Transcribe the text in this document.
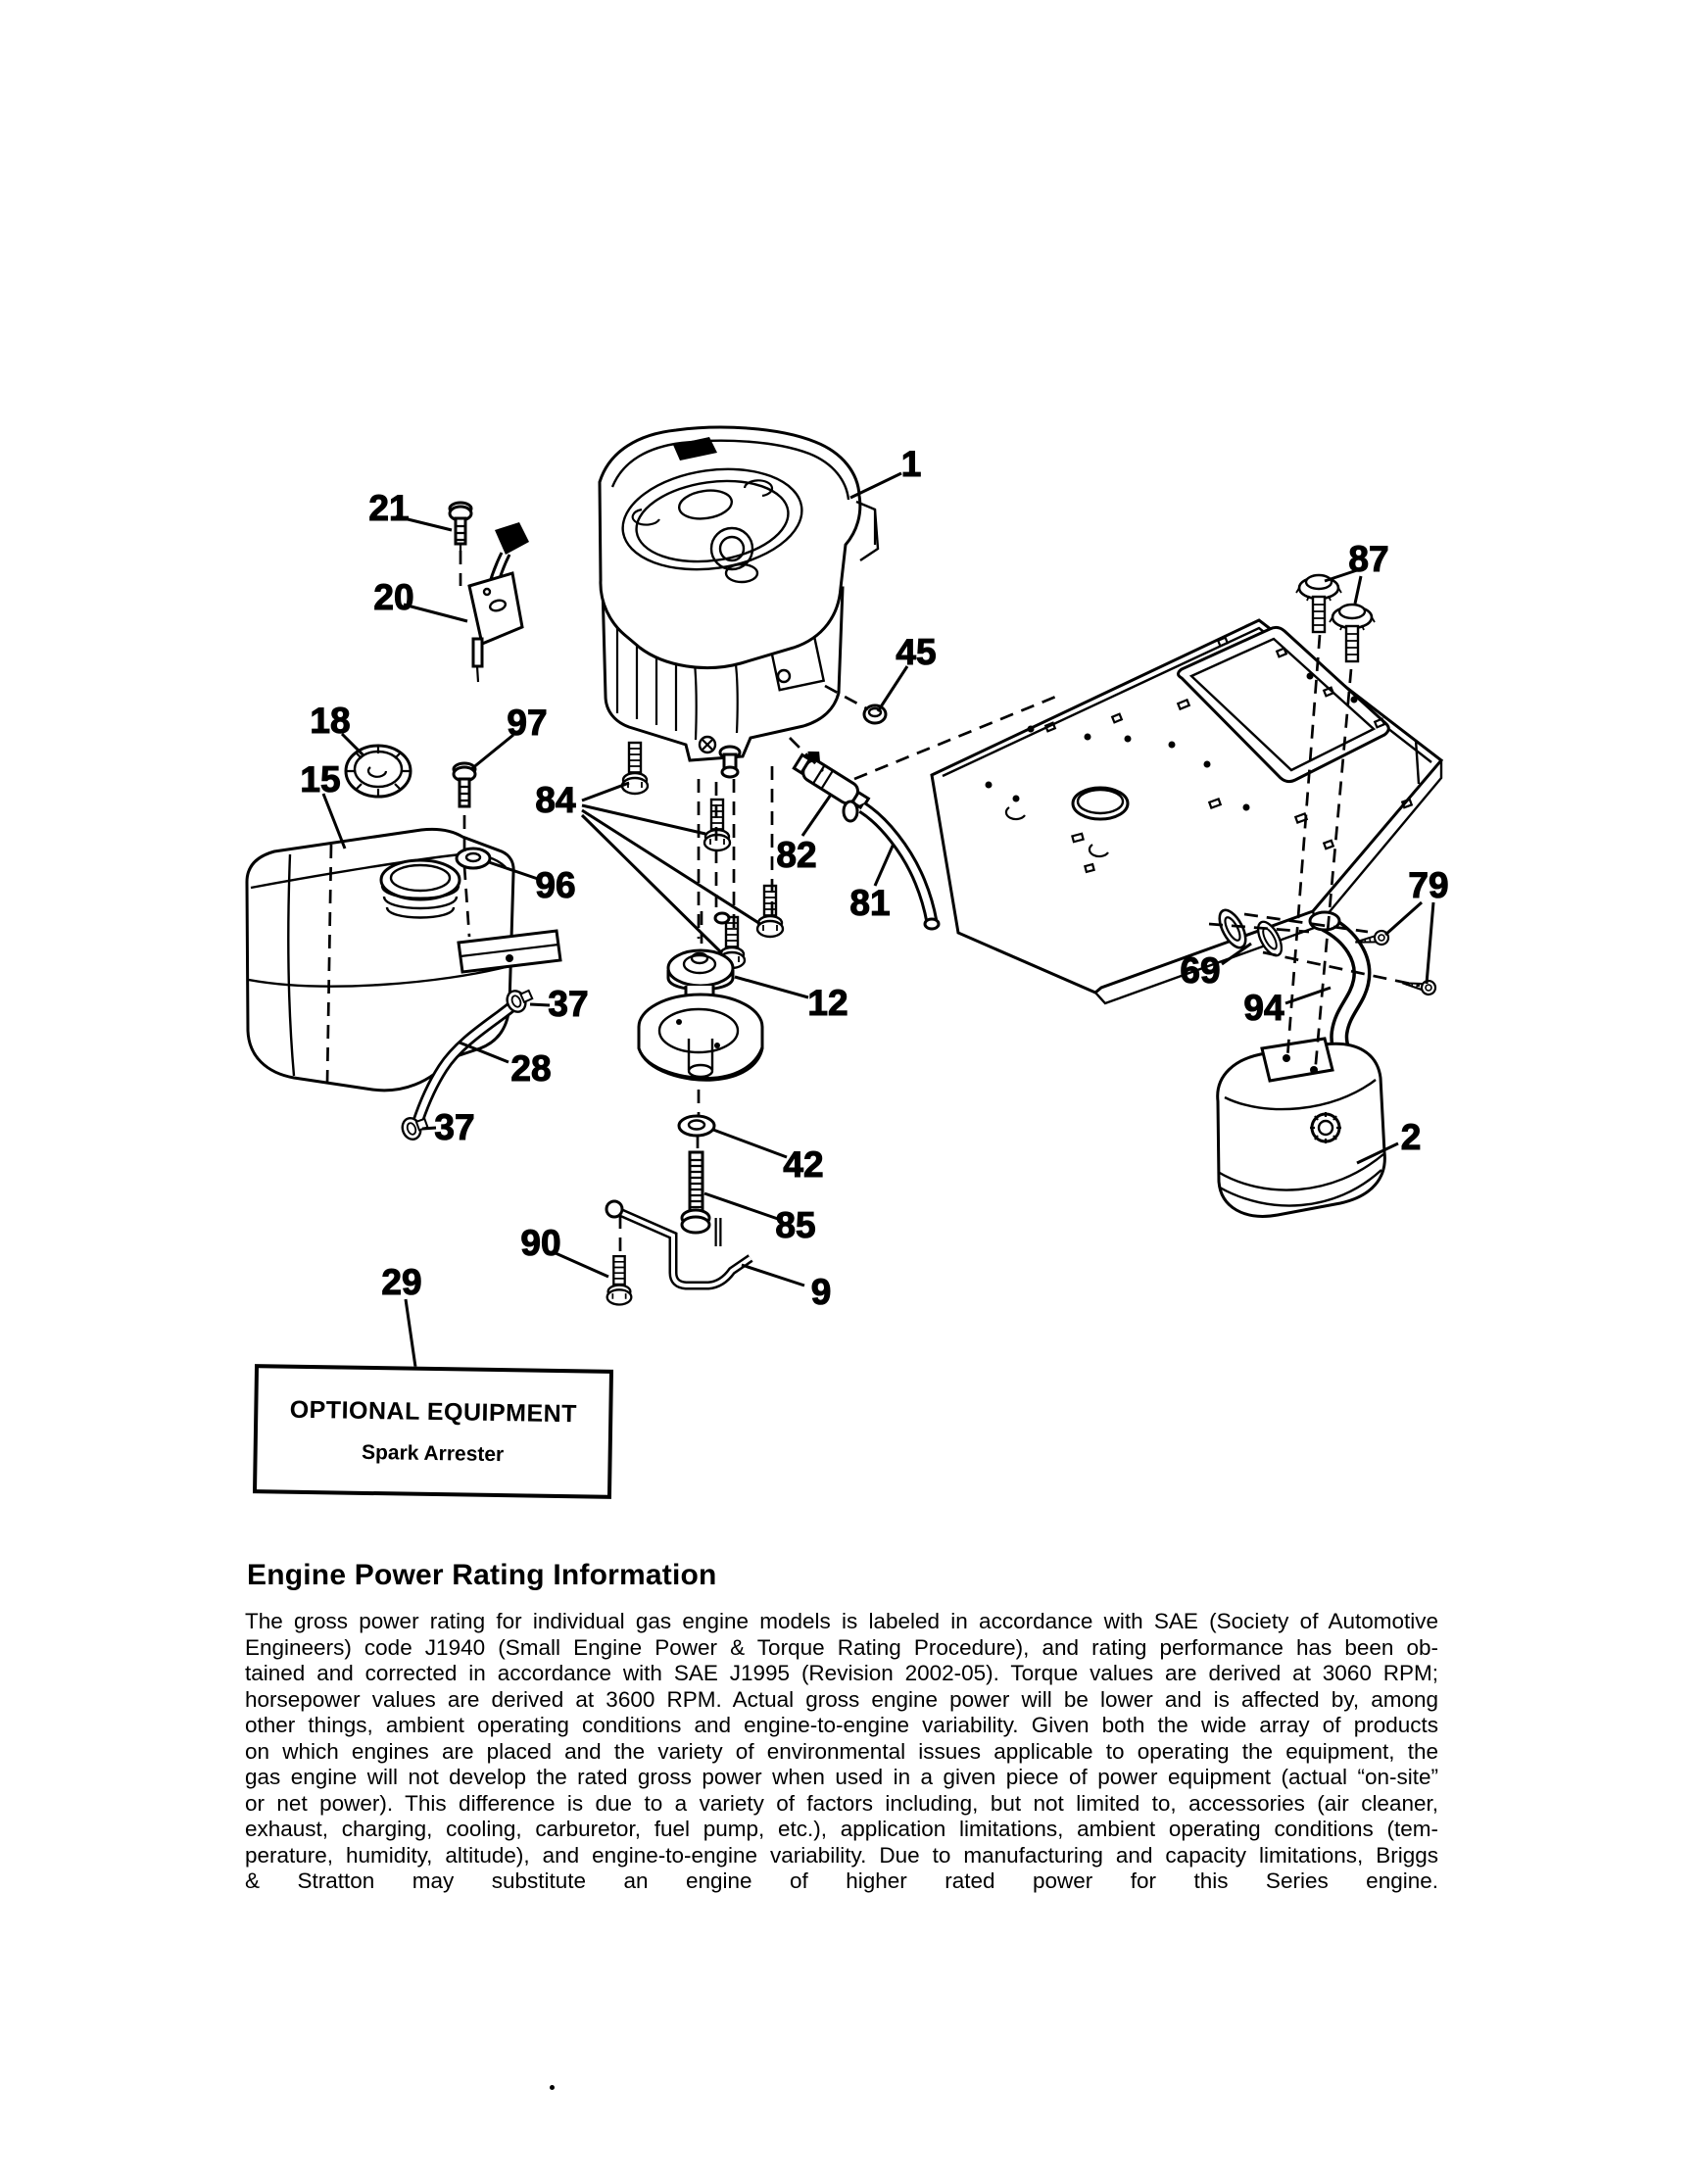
1
21
20
45
87
18	97
15
84
96
82
81
37
28
37
12
42
85
90
9
29
79
69
94
2
OPTIONAL EQUIPMENT
Spark Arrester
Engine Power Rating Information
The gross power rating for individual gas engine models is labeled in accordance with SAE (Society of Automotive
Engineers) code J1940 (Small Engine Power & Torque Rating Procedure), and rating performance has been ob-
tained and corrected in accordance with SAE J1995 (Revision 2002-05). Torque values are derived at 3060 RPM;
horsepower values are derived at 3600 RPM. Actual gross engine power will be lower and is affected by, among
other things, ambient operating conditions and engine-to-engine variability. Given both the wide array of products
on which engines are placed and the variety of environmental issues applicable to operating the equipment, the
gas engine will not develop the rated gross power when used in a given piece of power equipment (actual “on-site”
or net power). This difference is due to a variety of factors including, but not limited to, accessories (air cleaner,
exhaust, charging, cooling, carburetor, fuel pump, etc.), application limitations, ambient operating conditions (tem-
perature, humidity, altitude), and engine-to-engine variability. Due to manufacturing and capacity limitations, Briggs
& Stratton may substitute an engine of higher rated power for this Series engine.
